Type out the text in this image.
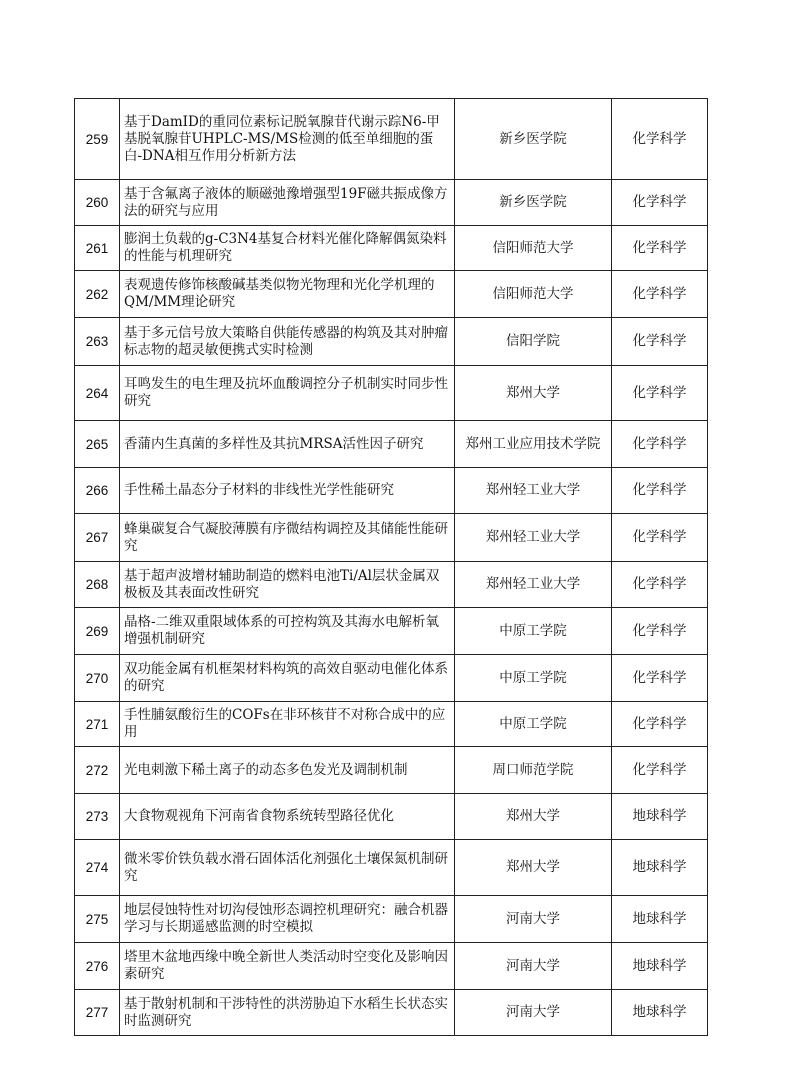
259	基于DamID的重同位素标记脱氧腺苷代谢示踪N6-甲基脱氧腺苷UHPLC-MS/MS检测的低至单细胞的蛋白-DNA相互作用分析新方法	新乡医学院	化学科学
260	基于含氟离子液体的顺磁弛豫增强型19F磁共振成像方法的研究与应用	新乡医学院	化学科学
261	膨润土负载的g-C3N4基复合材料光催化降解偶氮染料的性能与机理研究	信阳师范大学	化学科学
262	表观遗传修饰核酸碱基类似物光物理和光化学机理的QM/MM理论研究	信阳师范大学	化学科学
263	基于多元信号放大策略自供能传感器的构筑及其对肿瘤标志物的超灵敏便携式实时检测	信阳学院	化学科学
264	耳鸣发生的电生理及抗坏血酸调控分子机制实时同步性研究	郑州大学	化学科学
265	香蒲内生真菌的多样性及其抗MRSA活性因子研究	郑州工业应用技术学院	化学科学
266	手性稀土晶态分子材料的非线性光学性能研究	郑州轻工业大学	化学科学
267	蜂巢碳复合气凝胶薄膜有序微结构调控及其储能性能研究	郑州轻工业大学	化学科学
268	基于超声波增材辅助制造的燃料电池Ti/Al层状金属双极板及其表面改性研究	郑州轻工业大学	化学科学
269	晶格-二维双重限域体系的可控构筑及其海水电解析氧增强机制研究	中原工学院	化学科学
270	双功能金属有机框架材料构筑的高效自驱动电催化体系的研究	中原工学院	化学科学
271	手性脯氨酸衍生的COFs在非环核苷不对称合成中的应用	中原工学院	化学科学
272	光电刺激下稀土离子的动态多色发光及调制机制	周口师范学院	化学科学
273	大食物观视角下河南省食物系统转型路径优化	郑州大学	地球科学
274	微米零价铁负载水滑石固体活化剂强化土壤保氮机制研究	郑州大学	地球科学
275	地层侵蚀特性对切沟侵蚀形态调控机理研究：融合机器学习与长期遥感监测的时空模拟	河南大学	地球科学
276	塔里木盆地西缘中晚全新世人类活动时空变化及影响因素研究	河南大学	地球科学
277	基于散射机制和干涉特性的洪涝胁迫下水稻生长状态实时监测研究	河南大学	地球科学
